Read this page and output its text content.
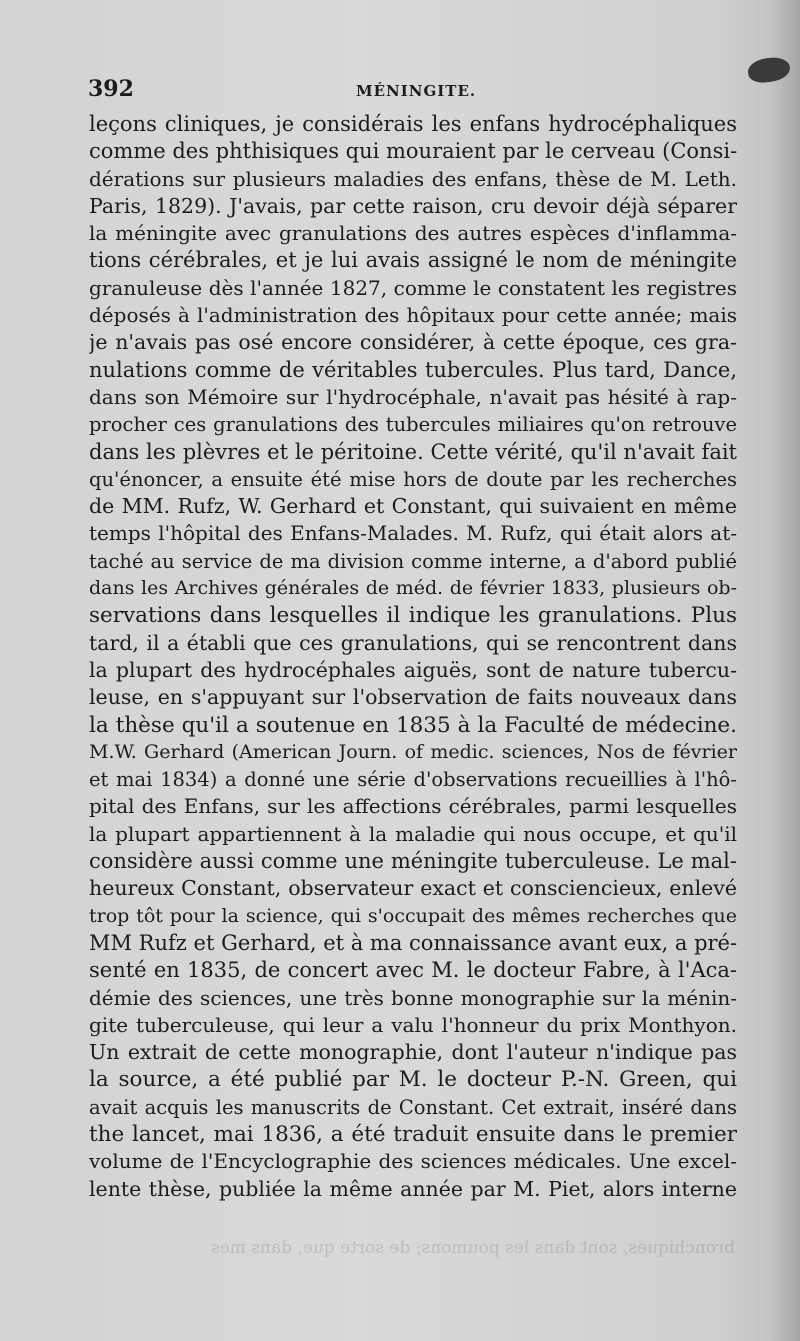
392	MÉNINGITE.
leçons cliniques, je considérais les enfans hydrocéphaliques
comme des phthisiques qui mouraient par le cerveau (Consi-
dérations sur plusieurs maladies des enfans, thèse de M. Leth.
Paris, 1829). J'avais, par cette raison, cru devoir déjà séparer
la méningite avec granulations des autres espèces d'inflamma-
tions cérébrales, et je lui avais assigné le nom de méningite
granuleuse dès l'année 1827, comme le constatent les registres
déposés à l'administration des hôpitaux pour cette année; mais
je n'avais pas osé encore considérer, à cette époque, ces gra-
nulations comme de véritables tubercules. Plus tard, Dance,
dans son Mémoire sur l'hydrocéphale, n'avait pas hésité à rap-
procher ces granulations des tubercules miliaires qu'on retrouve
dans les plèvres et le péritoine. Cette vérité, qu'il n'avait fait
qu'énoncer, a ensuite été mise hors de doute par les recherches
de MM. Rufz, W. Gerhard et Constant, qui suivaient en même
temps l'hôpital des Enfans-Malades. M. Rufz, qui était alors at-
taché au service de ma division comme interne, a d'abord publié
dans les Archives générales de méd. de février 1833, plusieurs ob-
servations dans lesquelles il indique les granulations. Plus
tard, il a établi que ces granulations, qui se rencontrent dans
la plupart des hydrocéphales aiguës, sont de nature tubercu-
leuse, en s'appuyant sur l'observation de faits nouveaux dans
la thèse qu'il a soutenue en 1835 à la Faculté de médecine.
M.W. Gerhard (American Journ. of medic. sciences, Nos de février
et mai 1834) a donné une série d'observations recueillies à l'hô-
pital des Enfans, sur les affections cérébrales, parmi lesquelles
la plupart appartiennent à la maladie qui nous occupe, et qu'il
considère aussi comme une méningite tuberculeuse. Le mal-
heureux Constant, observateur exact et consciencieux, enlevé
trop tôt pour la science, qui s'occupait des mêmes recherches que
MM Rufz et Gerhard, et à ma connaissance avant eux, a pré-
senté en 1835, de concert avec M. le docteur Fabre, à l'Aca-
démie des sciences, une très bonne monographie sur la ménin-
gite tuberculeuse, qui leur a valu l'honneur du prix Monthyon.
Un extrait de cette monographie, dont l'auteur n'indique pas
la source, a été publié par M. le docteur P.-N. Green, qui
avait acquis les manuscrits de Constant. Cet extrait, inséré dans
the lancet, mai 1836, a été traduit ensuite dans le premier
volume de l'Encyclographie des sciences médicales. Une excel-
lente thèse, publiée la même année par M. Piet, alors interne
bronchiques, sont dans les poumons; de sorte que, dans mes
